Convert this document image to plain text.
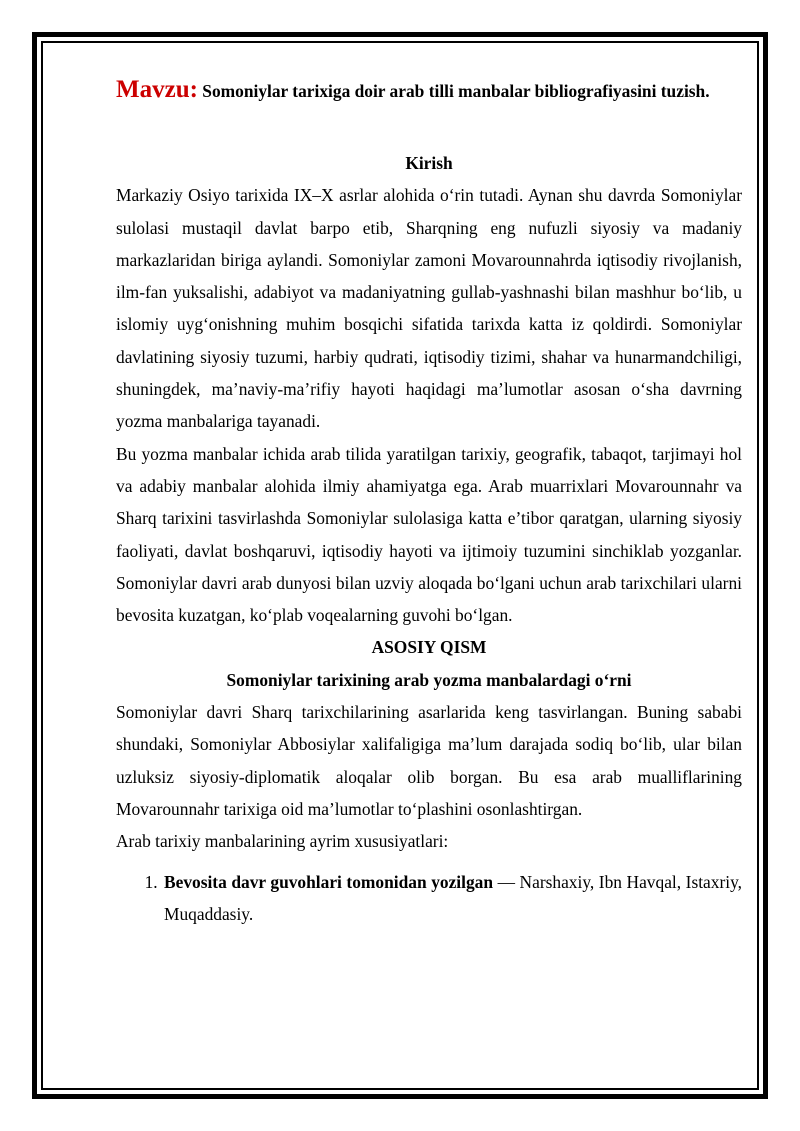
Mavzu: Somoniylar tarixiga doir arab tilli manbalar bibliografiyasini tuzish.
Kirish

Markaziy Osiyo tarixida IX–X asrlar alohida o‘rin tutadi. Aynan shu davrda Somoniylar sulolasi mustaqil davlat barpo etib, Sharqning eng nufuzli siyosiy va madaniy markazlaridan biriga aylandi. Somoniylar zamoni Movarounnahrda iqtisodiy rivojlanish, ilm-fan yuksalishi, adabiyot va madaniyatning gullab-yashnashi bilan mashhur bo‘lib, u islomiy uyg‘onishning muhim bosqichi sifatida tarixda katta iz qoldirdi. Somoniylar davlatining siyosiy tuzumi, harbiy qudrati, iqtisodiy tizimi, shahar va hunarmandchiligi, shuningdek, ma’naviy-ma’rifiy hayoti haqidagi ma’lumotlar asosan o‘sha davrning yozma manbalariga tayanadi.

Bu yozma manbalar ichida arab tilida yaratilgan tarixiy, geografik, tabaqot, tarjimayi hol va adabiy manbalar alohida ilmiy ahamiyatga ega. Arab muarrixlari Movarounnahr va Sharq tarixini tasvirlashda Somoniylar sulolasiga katta e’tibor qaratgan, ularning siyosiy faoliyati, davlat boshqaruvi, iqtisodiy hayoti va ijtimoiy tuzumini sinchiklab yozganlar. Somoniylar davri arab dunyosi bilan uzviy aloqada bo‘lgani uchun arab tarixchilari ularni bevosita kuzatgan, ko‘plab voqealarning guvohi bo‘lgan.

ASOSIY QISM
Somoniylar tarixining arab yozma manbalardagi o‘rni

Somoniylar davri Sharq tarixchilarining asarlarida keng tasvirlangan. Buning sababi shundaki, Somoniylar Abbosiylar xalifaligiga ma’lum darajada sodiq bo‘lib, ular bilan uzluksiz siyosiy-diplomatik aloqalar olib borgan. Bu esa arab mualliflarining Movarounnahr tarixiga oid ma’lumotlar to‘plashini osonlashtirgan.

Arab tarixiy manbalarining ayrim xususiyatlari:

1. Bevosita davr guvohlari tomonidan yozilgan — Narshaxiy, Ibn Havqal, Istaxriy, Muqaddasiy.
